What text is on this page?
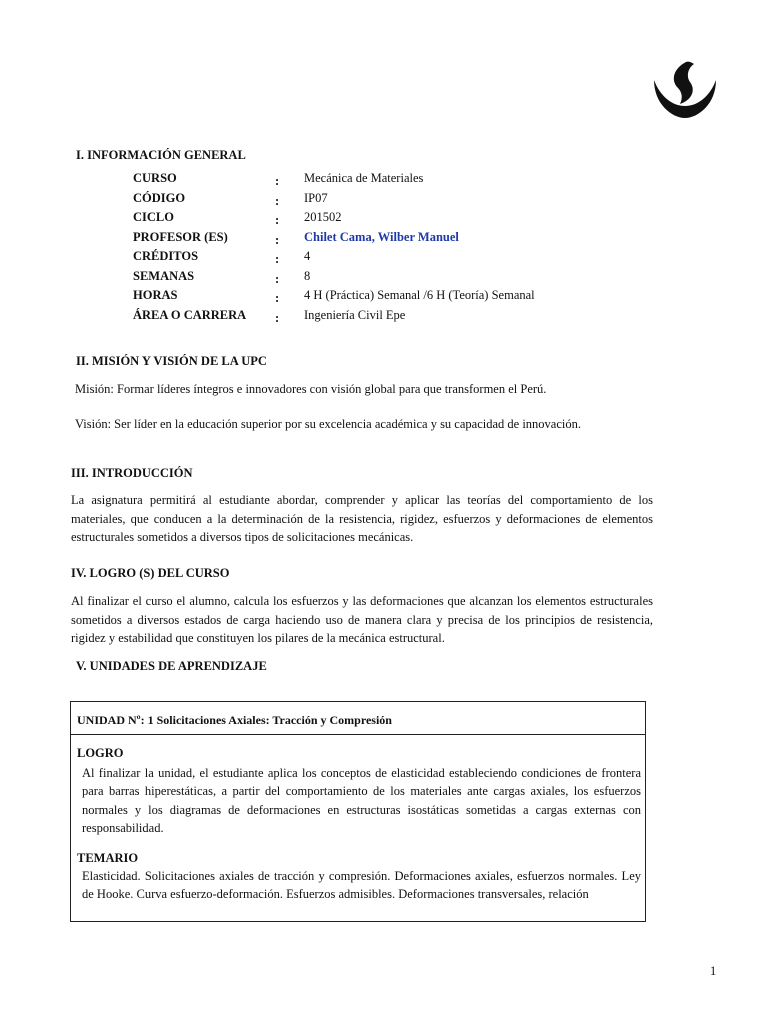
I. INFORMACIÓN GENERAL
CURSO	: Mecánica de Materiales
CÓDIGO	: IP07
CICLO	: 201502
PROFESOR (ES)	: Chilet Cama, Wilber Manuel
CRÉDITOS	: 4
SEMANAS	: 8
HORAS	: 4 H (Práctica) Semanal /6 H (Teoría) Semanal
ÁREA O CARRERA : Ingeniería Civil Epe
II. MISIÓN Y VISIÓN DE LA UPC
Misión: Formar líderes íntegros e innovadores con visión global para que transformen el Perú.
Visión: Ser líder en la educación superior por su excelencia académica y su capacidad de innovación.
III. INTRODUCCIÓN
La asignatura permitirá al estudiante abordar, comprender y aplicar las teorías del comportamiento de los materiales, que conducen a la determinación de la resistencia, rigidez, esfuerzos y deformaciones de elementos estructurales sometidos a diversos tipos de solicitaciones mecánicas.
IV. LOGRO (S) DEL CURSO
Al finalizar el curso el alumno, calcula los esfuerzos y las deformaciones que alcanzan los elementos estructurales sometidos a diversos estados de carga haciendo uso de manera clara y precisa de los principios de resistencia, rigidez y estabilidad que constituyen los pilares de la mecánica estructural.
V. UNIDADES DE APRENDIZAJE
UNIDAD Nº: 1 Solicitaciones Axiales: Tracción y Compresión
LOGRO
Al finalizar la unidad, el estudiante aplica los conceptos de elasticidad estableciendo condiciones de frontera para barras hiperestáticas, a partir del comportamiento de los materiales ante cargas axiales, los esfuerzos normales y los diagramas de deformaciones en estructuras isostáticas sometidas a cargas externas con responsabilidad.
TEMARIO
Elasticidad. Solicitaciones axiales de tracción y compresión. Deformaciones axiales, esfuerzos normales. Ley de Hooke. Curva esfuerzo-deformación. Esfuerzos admisibles. Deformaciones transversales, relación
1
